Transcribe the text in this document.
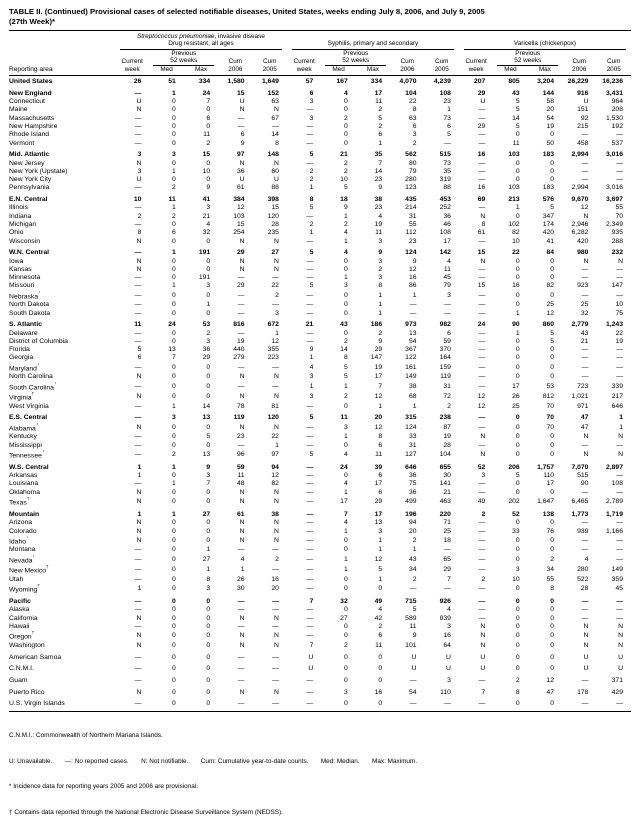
TABLE II. (Continued) Provisional cases of selected notifiable diseases, United States, weeks ending July 8, 2006, and July 9, 2005
(27th Week)*
Reporting area	Streptococcus pneumoniae, invasive disease
Drug resistant, all ages					Syphilis, primary and secondary					Varicella (chickenpox)				

		Previous					Previous					Previous			
	Current	52 weeks		Cum	Cum	Current	52 weeks		Cum	Cum	Current	52 weeks		Cum	Cum
	week	Med	Max	2006	2005	week	Med	Max	2006	2005	week	Med	Max	2006	2005
United States	26	51	334	1,580	1,649	57	167	334	4,070	4,239	207	805	3,204	26,229	16,236
New England	—	1	24	15	152	6	4	17	104	108	29	43	144	916	3,431
Connecticut	U	0	7	U	63	3	0	11	22	23	U	5	58	U	964
Maine	N	0	0	N	N	—	0	2	8	1	—	5	20	151	208
Massachusetts	—	0	6	—	67	3	2	5	63	73	—	14	54	92	1,530
New Hampshire	—	0	0	—	—	—	0	2	6	6	29	5	19	215	192
Rhode Island	—	0	11	6	14	—	0	6	3	5	—	0	0	—	—
Vermont	—	0	2	9	8	—	0	1	2	—	—	11	50	458	537
Mid. Atlantic	3	3	15	97	148	5	21	35	562	515	16	103	183	2,994	3,016
New Jersey	N	0	0	N	N	—	2	7	80	73	—	0	0	—	—
New York (Upstate)	3	1	10	36	60	2	2	14	79	35	—	0	0	—	—
New York City	U	0	0	U	U	2	10	23	280	319	—	0	0	—	—
Pennsylvania	—	2	9	61	88	1	5	9	123	88	16	103	183	2,994	3,016
E.N. Central	10	11	41	384	398	8	18	38	435	453	69	213	576	9,670	3,697
Illinois	—	1	3	12	15	5	9	23	214	252	—	1	5	12	55
Indiana	2	2	21	103	120	—	1	4	31	36	N	0	347	N	70
Michigan	—	0	4	15	28	2	2	19	55	46	8	102	174	2,946	2,349
Ohio	8	6	32	254	235	1	4	11	112	108	61	82	420	6,282	935
Wisconsin	N	0	0	N	N	—	1	3	23	17	—	10	41	420	288
W.N. Central	—	1	191	29	27	5	4	9	124	142	15	22	84	980	232
Iowa	N	0	0	N	N	—	0	3	9	4	N	0	0	N	N
Kansas	N	0	0	N	N	—	0	2	12	11	—	0	0	—	—
Minnesota	—	0	191	—	—	—	1	3	16	45	—	0	0	—	—
Missouri	—	1	3	29	22	5	3	8	86	79	15	16	82	923	147
Nebraska†	—	0	0	—	2	—	0	1	1	3	—	0	0	—	—
North Dakota	—	0	1	—	—	—	0	1	—	—	—	0	25	25	10
South Dakota	—	0	0	—	3	—	0	1	—	—	—	1	12	32	75
S. Atlantic	11	24	53	816	672	21	43	186	973	982	24	90	860	2,779	1,243
Delaware	—	0	2	—	1	—	0	2	13	6	—	1	5	43	22
District of Columbia	—	0	3	19	12	—	2	9	54	59	—	0	5	21	19
Florida	5	13	36	440	355	9	14	29	367	370	—	0	0	—	—
Georgia	6	7	29	279	223	1	8	147	122	164	—	0	0	—	—
Maryland†	—	0	0	—	—	4	5	19	161	159	—	0	0	—	—
North Carolina	N	0	0	N	N	3	5	17	149	119	—	0	0	—	—
South Carolina†	—	0	0	—	—	1	1	7	38	31	—	17	53	723	339
Virginia†	N	0	0	N	N	3	2	12	68	72	12	26	812	1,021	217
West Virginia	—	1	14	78	81	—	0	1	1	2	12	25	70	971	646
E.S. Central	—	3	13	119	120	5	11	20	315	238	—	0	70	47	1
Alabama†	N	0	0	N	N	—	3	12	124	87	—	0	70	47	1
Kentucky	—	0	5	23	22	—	1	8	33	19	N	0	0	N	N
Mississippi	—	0	0	—	1	—	0	6	31	28	—	0	0	—	—
Tennessee†	—	2	13	96	97	5	4	11	127	104	N	0	0	N	N
W.S. Central	1	1	9	59	94	—	24	39	646	655	52	206	1,757	7,070	2,897
Arkansas	1	0	3	11	12	—	0	6	36	30	3	5	110	515	—
Louisiana	—	1	7	48	82	—	4	17	75	141	—	0	17	90	108
Oklahoma	N	0	0	N	N	—	1	6	36	21	—	0	0	—	—
Texas†	N	0	0	N	N	—	17	29	499	463	49	202	1,647	6,465	2,789
Mountain	1	1	27	61	38	—	7	17	196	220	2	52	138	1,773	1,719
Arizona	N	0	0	N	N	—	4	13	94	71	—	0	0	—	—
Colorado	N	0	0	N	N	—	1	3	20	25	—	33	76	939	1,166
Idaho†	N	0	0	N	N	—	0	1	2	18	—	0	0	—	—
Montana	—	0	1	—	—	—	0	1	1	—	—	0	0	—	—
Nevada†	—	0	27	4	2	—	1	12	43	65	—	0	2	4	—
New Mexico†	—	0	1	1	—	—	1	5	34	29	—	3	34	280	149
Utah	—	0	8	26	16	—	0	1	2	7	2	10	55	522	359
Wyoming†	1	0	3	30	20	—	0	0	—	—	—	0	8	28	45
Pacific	—	0	0	—	—	7	32	49	715	926	—	0	0	—	—
Alaska	—	0	0	—	—	—	0	4	5	4	—	0	0	—	—
California	N	0	0	N	N	—	27	42	589	839	—	0	0	—	—
Hawaii	—	0	0	—	—	—	0	2	11	3	N	0	0	N	N
Oregon†	N	0	0	N	N	—	0	6	9	16	N	0	0	N	N
Washington	N	0	0	N	N	7	2	11	101	64	N	0	0	N	N
American Samoa	—	0	0	—	—	U	0	0	U	U	U	0	0	U	U
C.N.M.I.	—	0	0	—	—	U	0	0	U	U	U	0	0	U	U
Guam	—	0	0	—	—	—	0	0	—	3	—	2	12	—	371
Puerto Rico	N	0	0	N	N	—	3	16	54	110	7	8	47	178	429
U.S. Virgin Islands	—	0	0	—	—	—	0	0	—	—	—	0	0	—	—

C.N.M.I.: Commonwealth of Northern Mariana Islands.

U: Unavailable.       —: No reported cases.       N: Not notifiable.       Cum: Cumulative year-to-date counts.       Med: Median.       Max: Maximum.

* Incidence data for reporting years 2005 and 2006 are provisional.

† Contains data reported through the National Electronic Disease Surveillance System (NEDSS).
